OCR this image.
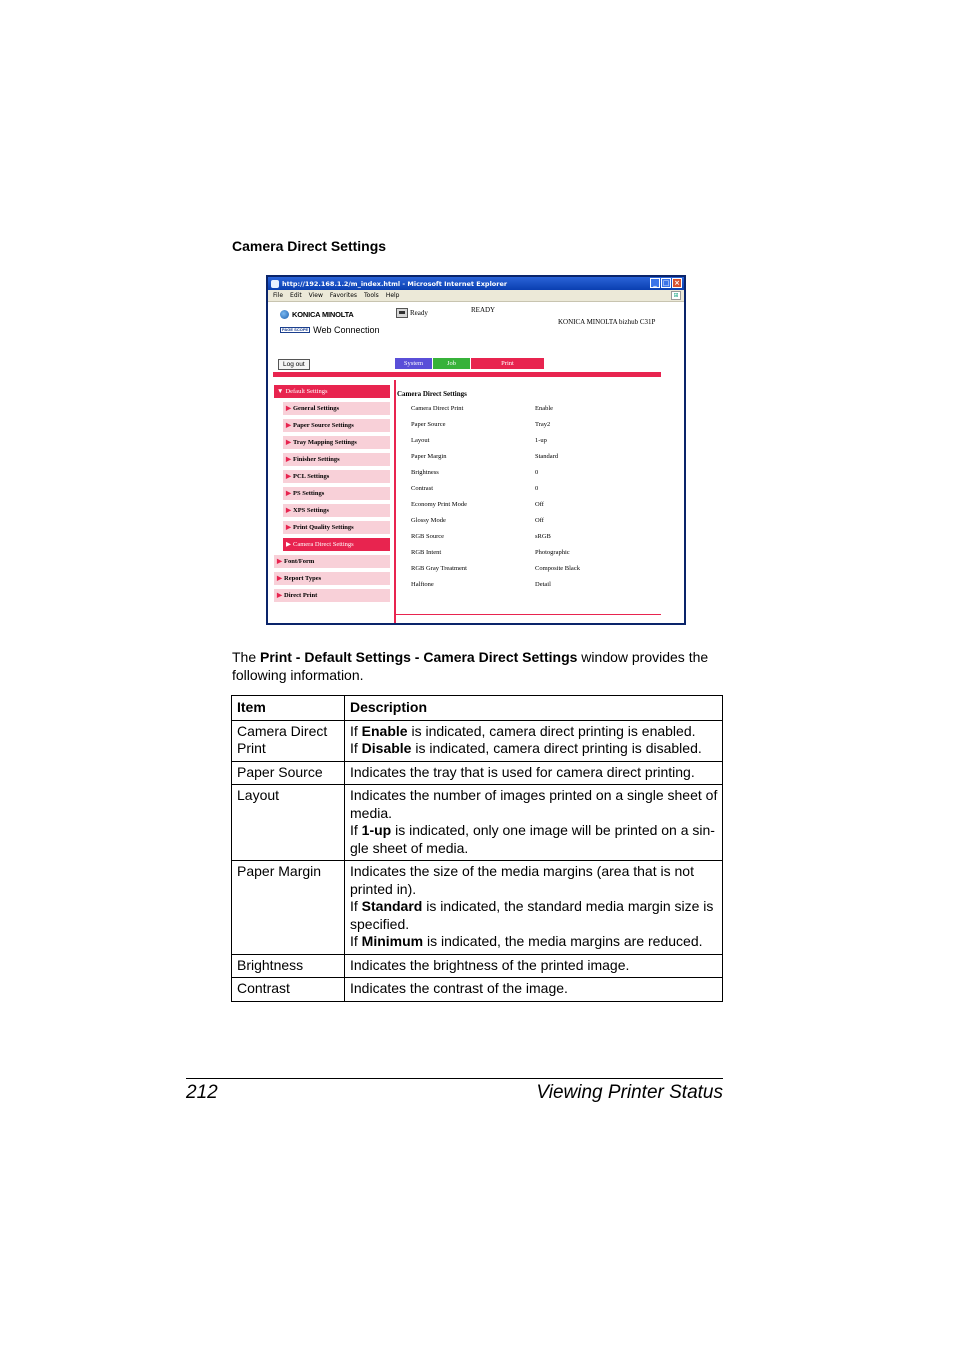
Camera Direct Settings
http://192.168.1.2/m_index.html - Microsoft Internet Explorer	_ □ ×
File Edit View Favorites Tools Help	⊞
KONICA MINOLTA
PAGE SCOPE Web Connection
Ready	READY
KONICA MINOLTA bizhub C31P
Log out	System	Job	Print
▼ Default Settings
▶ General Settings
▶ Paper Source Settings
▶ Tray Mapping Settings
▶ Finisher Settings
▶ PCL Settings
▶ PS Settings
▶ XPS Settings
▶ Print Quality Settings
▶ Camera Direct Settings
▶ Font/Form
▶ Report Types
▶ Direct Print
Camera Direct Settings
Camera Direct Print	Enable
Paper Source	Tray2
Layout	1-up
Paper Margin	Standard
Brightness	0
Contrast	0
Economy Print Mode	Off
Glossy Mode	Off
RGB Source	sRGB
RGB Intent	Photographic
RGB Gray Treatment	Composite Black
Halftone	Detail
The Print - Default Settings - Camera Direct Settings window provides the following information.
Item	Description
Camera Direct Print	If Enable is indicated, camera direct printing is enabled.
If Disable is indicated, camera direct printing is disabled.

Paper Source	Indicates the tray that is used for camera direct printing.

Layout	Indicates the number of images printed on a single sheet of media.
If 1-up is indicated, only one image will be printed on a sin-gle sheet of media.

Paper Margin	Indicates the size of the media margins (area that is not printed in).
If Standard is indicated, the standard media margin size is specified.
If Minimum is indicated, the media margins are reduced.

Brightness	Indicates the brightness of the printed image.

Contrast	Indicates the contrast of the image.
212	Viewing Printer Status
